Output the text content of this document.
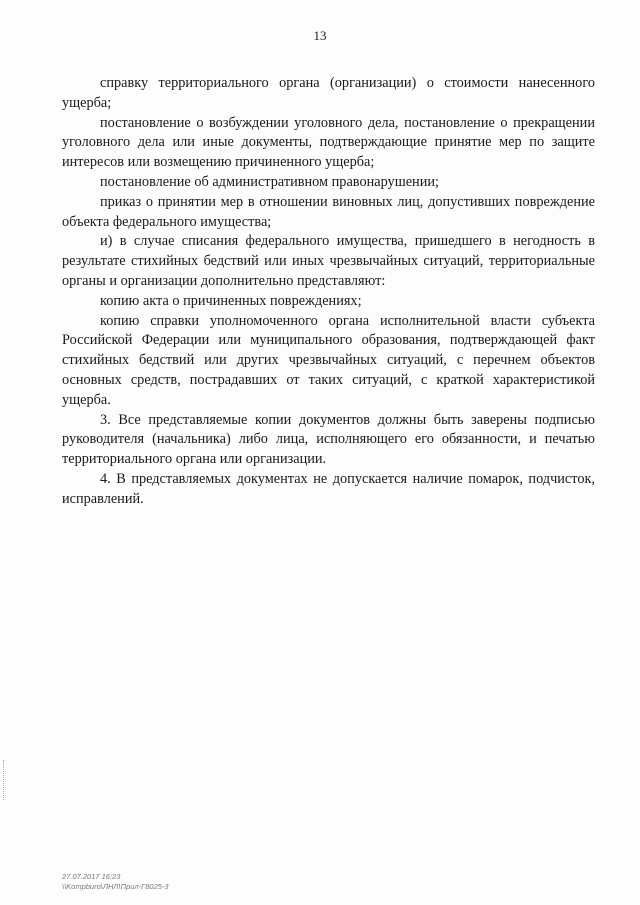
13

справку территориального органа (организации) о стоимости нанесенного ущерба;

постановление о возбуждении уголовного дела, постановление о прекращении уголовного дела или иные документы, подтверждающие принятие мер по защите интересов или возмещению причиненного ущерба;

постановление об административном правонарушении;

приказ о принятии мер в отношении виновных лиц, допустивших повреждение объекта федерального имущества;

и) в случае списания федерального имущества, пришедшего в негодность в результате стихийных бедствий или иных чрезвычайных ситуаций, территориальные органы и организации дополнительно представляют:

копию акта о причиненных повреждениях;

копию справки уполномоченного органа исполнительной власти субъекта Российской Федерации или муниципального образования, подтверждающей факт стихийных бедствий или других чрезвычайных ситуаций, с перечнем объектов основных средств, пострадавших от таких ситуаций, с краткой характеристикой ущерба.

3. Все представляемые копии документов должны быть заверены подписью руководителя (начальника) либо лица, исполняющего его обязанности, и печатью территориального органа или организации.

4. В представляемых документах не допускается наличие помарок, подчисток, исправлений.

27.07.2017 16:23
\\Kompburo\ЛНЛ\Прил-Г8025-3
